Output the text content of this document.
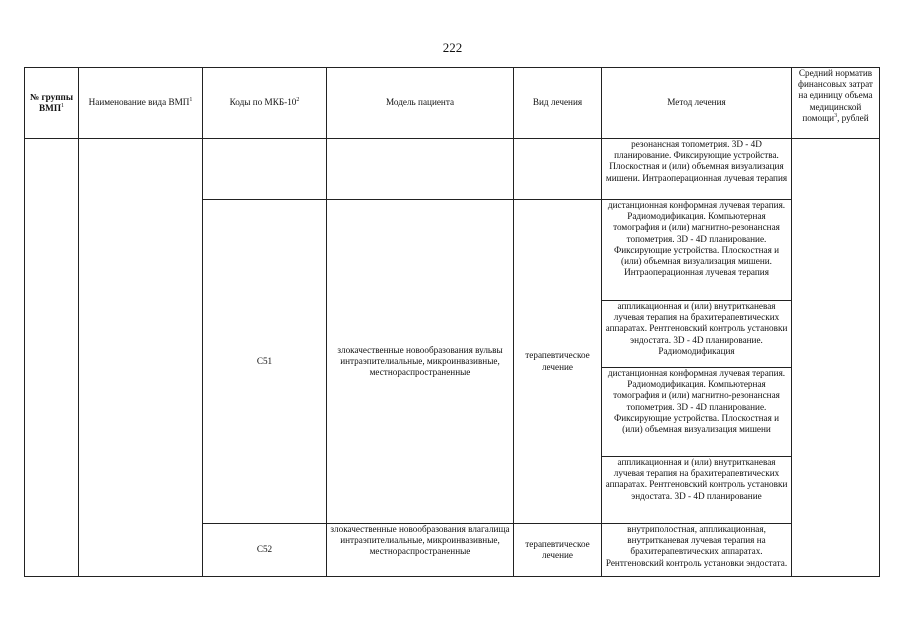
222
№ группы ВМП$^1$	Наименование вида ВМП$^1$	Коды по МКБ-$10^2$	Модель пациента	Вид лечения	Метод лечения	Средний норматив финансовых затрат на единицу объема медицинской помощи$^3$, рублей
					резонансная топометрия. 3D - 4D планирование. Фиксирующие устройства. Плоскостная и (или) объемная визуализация мишени. Интраоперационная лучевая терапия	
		C51	злокачественные новообразования вульвы интраэпителиальные, микроинвазивные, местнораспространенные	терапевтическое лечение	дистанционная конформная лучевая терапия. Радиомодификация. Компьютерная томография и (или) магнитно-резонансная топометрия. 3D - 4D планирование. Фиксирующие устройства. Плоскостная и (или) объемная визуализация мишени. Интраоперационная лучевая терапия	
					аппликационная и (или) внутритканевая лучевая терапия на брахитерапевтических аппаратах. Рентгеновский контроль установки эндостата. 3D - 4D планирование. Радиомодификация	
					дистанционная конформная лучевая терапия. Радиомодификация. Компьютерная томография и (или) магнитно-резонансная топометрия. 3D - 4D планирование. Фиксирующие устройства. Плоскостная и (или) объемная визуализация мишени	
					аппликационная и (или) внутритканевая лучевая терапия на брахитерапевтических аппаратах. Рентгеновский контроль установки эндостата. 3D - 4D планирование	
		C52	злокачественные новообразования влагалища интраэпителиальные, микроинвазивные, местнораспространенные	терапевтическое лечение	внутриполостная, аппликационная, внутритканевая лучевая терапия на брахитерапевтических аппаратах. Рентгеновский контроль установки эндостата.	
